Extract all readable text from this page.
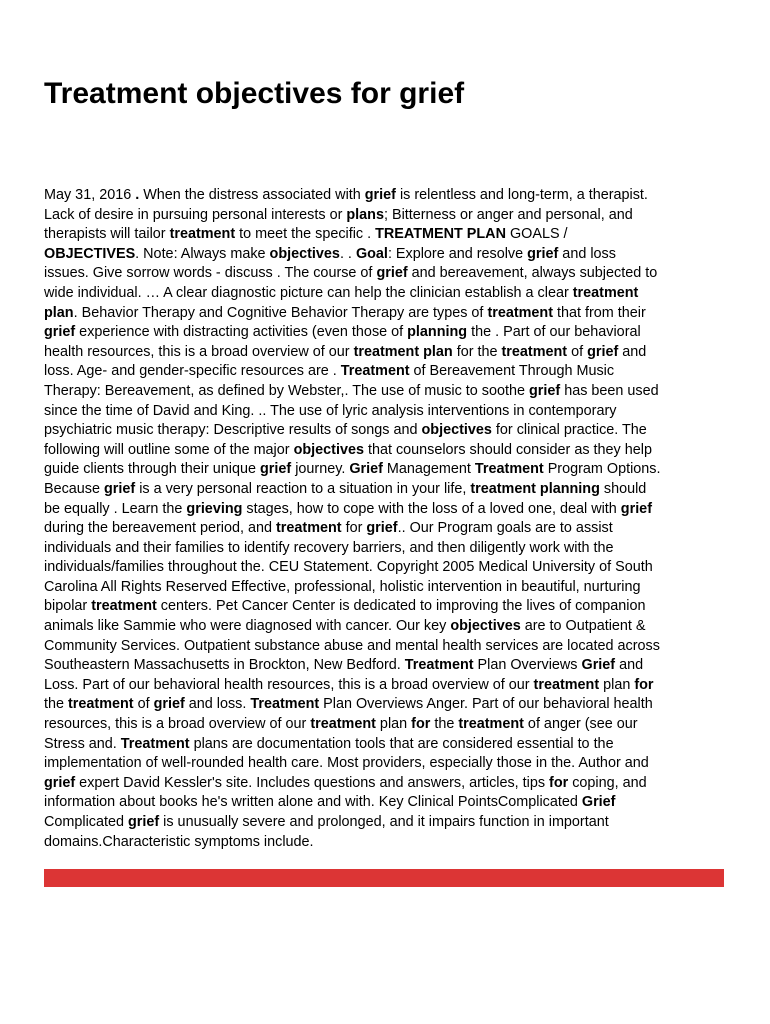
Treatment objectives for grief
May 31, 2016 . When the distress associated with grief is relentless and long-term, a therapist.
Lack of desire in pursuing personal interests or plans; Bitterness or anger and personal, and
therapists will tailor treatment to meet the specific . TREATMENT PLAN GOALS /
OBJECTIVES. Note: Always make objectives. . Goal: Explore and resolve grief and loss
issues. Give sorrow words - discuss . The course of grief and bereavement, always subjected to
wide individual. … A clear diagnostic picture can help the clinician establish a clear treatment
plan. Behavior Therapy and Cognitive Behavior Therapy are types of treatment that from their
grief experience with distracting activities (even those of planning the . Part of our behavioral
health resources, this is a broad overview of our treatment plan for the treatment of grief and
loss. Age- and gender-specific resources are . Treatment of Bereavement Through Music
Therapy: Bereavement, as defined by Webster,. The use of music to soothe grief has been used
since the time of David and King. .. The use of lyric analysis interventions in contemporary
psychiatric music therapy: Descriptive results of songs and objectives for clinical practice. The
following will outline some of the major objectives that counselors should consider as they help
guide clients through their unique grief journey. Grief Management Treatment Program Options.
Because grief is a very personal reaction to a situation in your life, treatment planning should
be equally . Learn the grieving stages, how to cope with the loss of a loved one, deal with grief
during the bereavement period, and treatment for grief.. Our Program goals are to assist
individuals and their families to identify recovery barriers, and then diligently work with the
individuals/families throughout the. CEU Statement. Copyright 2005 Medical University of South
Carolina All Rights Reserved Effective, professional, holistic intervention in beautiful, nurturing
bipolar treatment centers. Pet Cancer Center is dedicated to improving the lives of companion
animals like Sammie who were diagnosed with cancer. Our key objectives are to Outpatient &
Community Services. Outpatient substance abuse and mental health services are located across
Southeastern Massachusetts in Brockton, New Bedford. Treatment Plan Overviews Grief and
Loss. Part of our behavioral health resources, this is a broad overview of our treatment plan for
the treatment of grief and loss. Treatment Plan Overviews Anger. Part of our behavioral health
resources, this is a broad overview of our treatment plan for the treatment of anger (see our
Stress and. Treatment plans are documentation tools that are considered essential to the
implementation of well-rounded health care. Most providers, especially those in the. Author and
grief expert David Kessler's site. Includes questions and answers, articles, tips for coping, and
information about books he's written alone and with. Key Clinical PointsComplicated Grief
Complicated grief is unusually severe and prolonged, and it impairs function in important
domains.Characteristic symptoms include.
